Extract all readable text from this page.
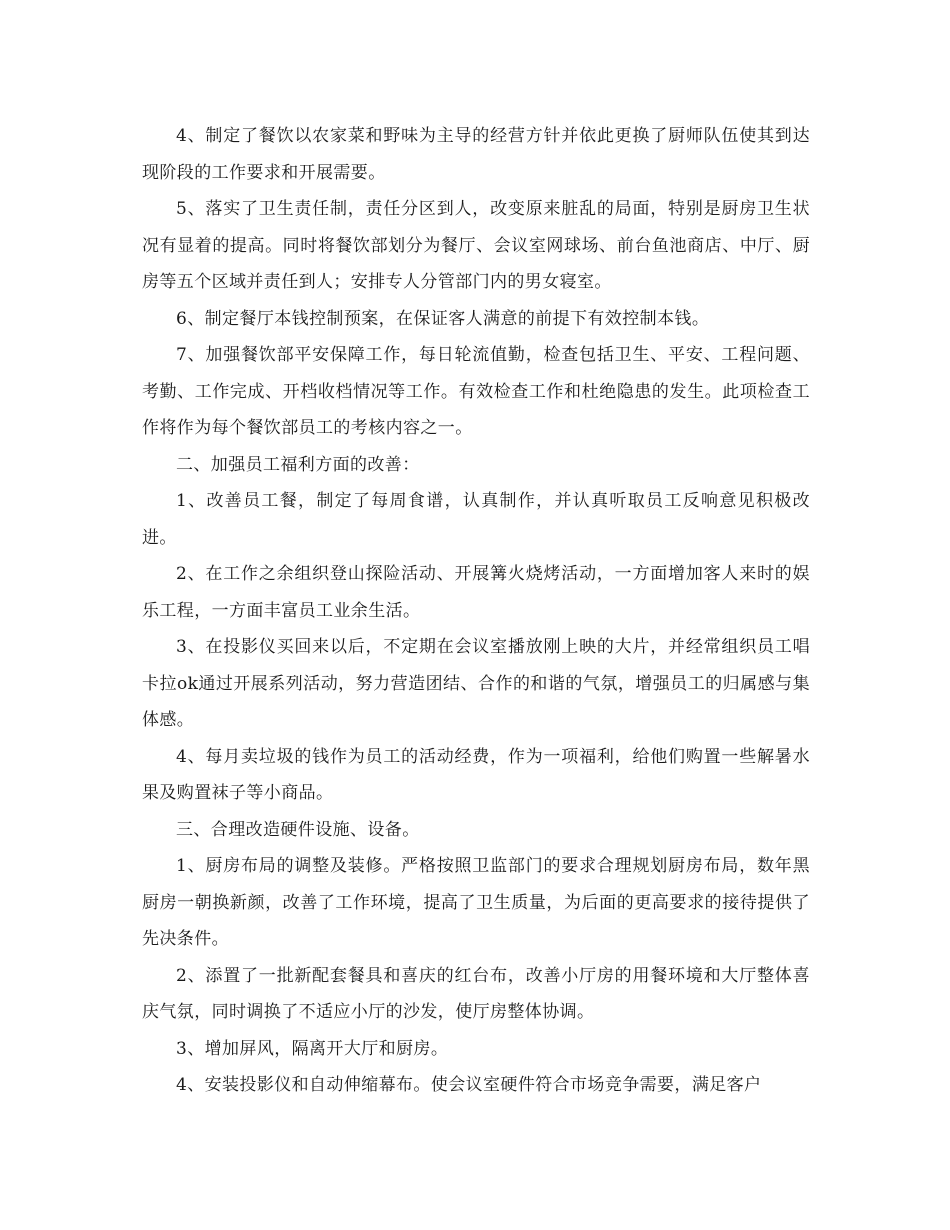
4、制定了餐饮以农家菜和野味为主导的经营方针并依此更换了厨师队伍使其到达现阶段的工作要求和开展需要。

5、落实了卫生责任制，责任分区到人，改变原来脏乱的局面，特别是厨房卫生状况有显着的提高。同时将餐饮部划分为餐厅、会议室网球场、前台鱼池商店、中厅、厨房等五个区域并责任到人；安排专人分管部门内的男女寝室。

6、制定餐厅本钱控制预案，在保证客人满意的前提下有效控制本钱。

7、加强餐饮部平安保障工作，每日轮流值勤，检查包括卫生、平安、工程问题、考勤、工作完成、开档收档情况等工作。有效检查工作和杜绝隐患的发生。此项检查工作将作为每个餐饮部员工的考核内容之一。

二、加强员工福利方面的改善：

1、改善员工餐，制定了每周食谱，认真制作，并认真听取员工反响意见积极改进。

2、在工作之余组织登山探险活动、开展篝火烧烤活动，一方面增加客人来时的娱乐工程，一方面丰富员工业余生活。

3、在投影仪买回来以后，不定期在会议室播放刚上映的大片，并经常组织员工唱卡拉ok通过开展系列活动，努力营造团结、合作的和谐的气氛，增强员工的归属感与集体感。

4、每月卖垃圾的钱作为员工的活动经费，作为一项福利，给他们购置一些解暑水果及购置袜子等小商品。

三、合理改造硬件设施、设备。

1、厨房布局的调整及装修。严格按照卫监部门的要求合理规划厨房布局，数年黑厨房一朝换新颜，改善了工作环境，提高了卫生质量，为后面的更高要求的接待提供了先决条件。

2、添置了一批新配套餐具和喜庆的红台布，改善小厅房的用餐环境和大厅整体喜庆气氛，同时调换了不适应小厅的沙发，使厅房整体协调。

3、增加屏风，隔离开大厅和厨房。

4、安装投影仪和自动伸缩幕布。使会议室硬件符合市场竞争需要，满足客户
